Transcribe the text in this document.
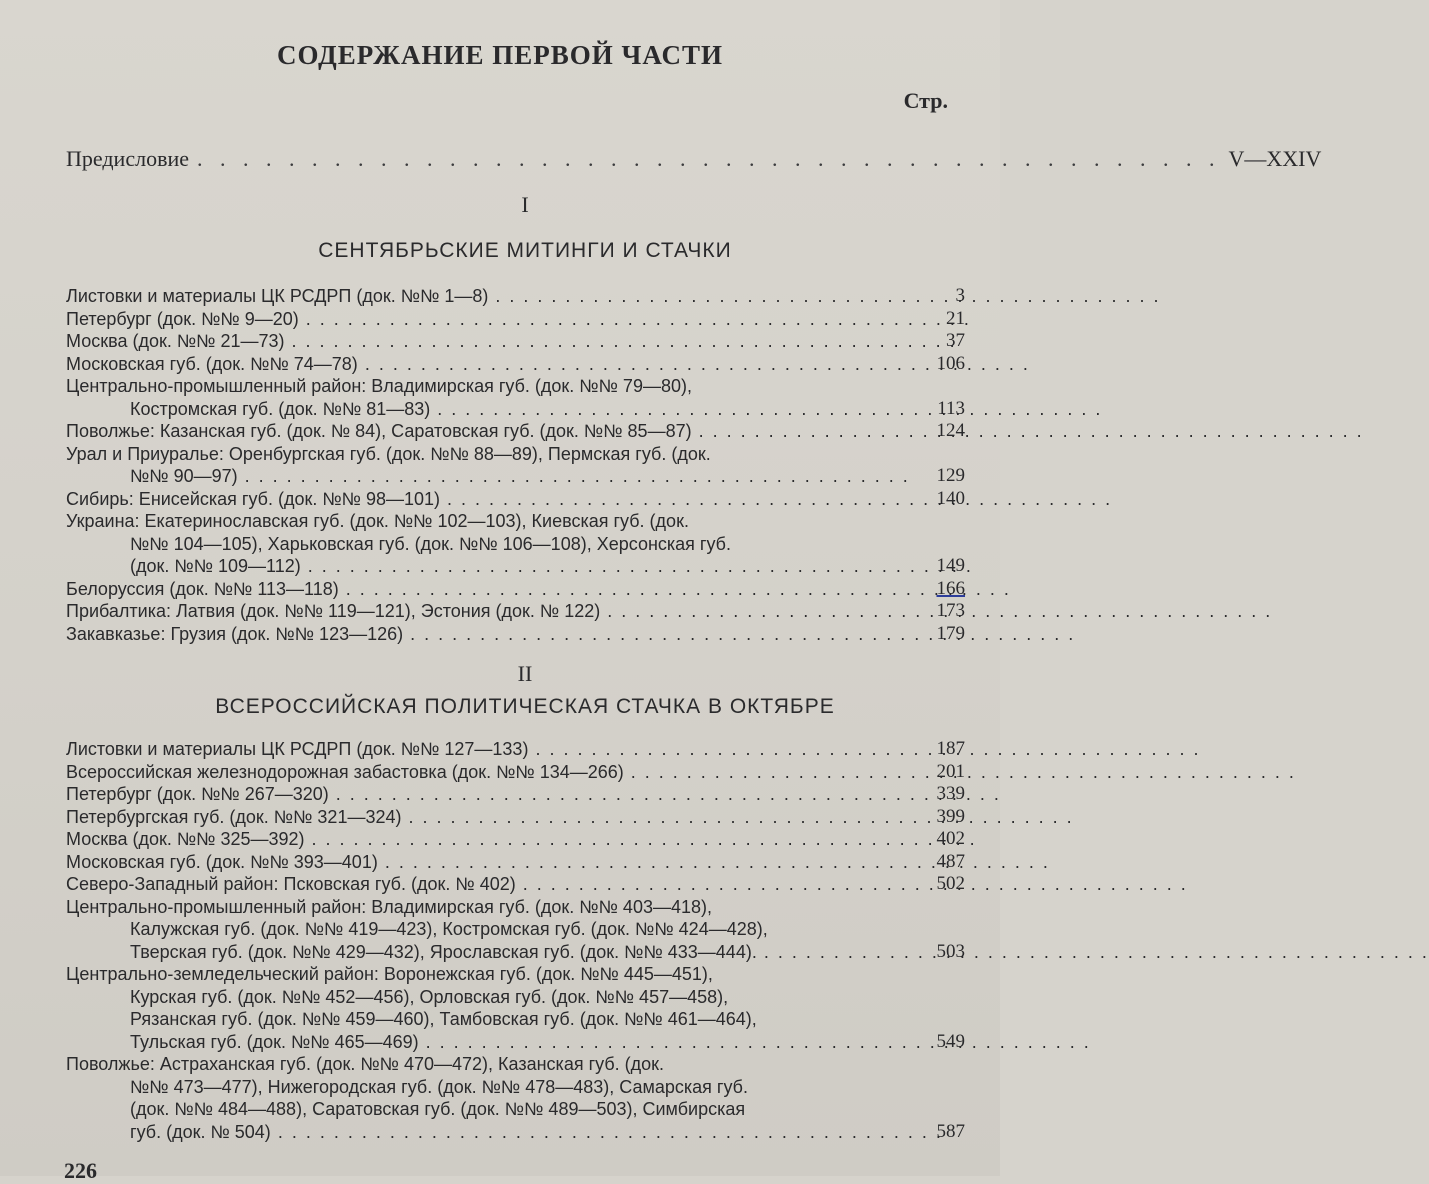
СОДЕРЖАНИЕ ПЕРВОЙ ЧАСТИ
Стр.
Предисловие . . . . . . . . . . . . . . . . . . . . . . . . . . . . . . . . . . . . . . . . . . . . . V—XXIV
I
СЕНТЯБРЬСКИЕ МИТИНГИ И СТАЧКИ
Листовки и материалы ЦК РСДРП (док. №№ 1—8) . .	3
Петербург (док. №№ 9—20) . .	21
Москва (док. №№ 21—73) . .	37
Московская губ. (док. №№ 74—78) . .	106
Центрально-промышленный район: Владимирская губ. (док. №№ 79—80),
Костромская губ. (док. №№ 81—83) . .	113
Поволжье: Казанская губ. (док. № 84), Саратовская губ. (док. №№ 85—87) . .	124
Урал и Приуралье: Оренбургская губ. (док. №№ 88—89), Пермская губ. (док.
№№ 90—97) . .	129
Сибирь: Енисейская губ. (док. №№ 98—101) . .	140
Украина: Екатеринославская губ. (док. №№ 102—103), Киевская губ. (док.
№№ 104—105), Харьковская губ. (док. №№ 106—108), Херсонская губ.
(док. №№ 109—112) . .	149
Белоруссия (док. №№ 113—118) . .	166
Прибалтика: Латвия (док. №№ 119—121), Эстония (док. № 122) . .	173
Закавказье: Грузия (док. №№ 123—126) . .	179
II
ВСЕРОССИЙСКАЯ ПОЛИТИЧЕСКАЯ СТАЧКА В ОКТЯБРЕ
Листовки и материалы ЦК РСДРП (док. №№ 127—133) . .	187
Всероссийская железнодорожная забастовка (док. №№ 134—266) . .	201
Петербург (док. №№ 267—320) . .	339
Петербургская губ. (док. №№ 321—324) . .	399
Москва (док. №№ 325—392) . .	402
Московская губ. (док. №№ 393—401) . .	487
Северо-Западный район: Псковская губ. (док. № 402) . .	502
Центрально-промышленный район: Владимирская губ. (док. №№ 403—418),
Калужская губ. (док. №№ 419—423), Костромская губ. (док. №№ 424—428),
Тверская губ. (док. №№ 429—432), Ярославская губ. (док. №№ 433—444). . .	503
Центрально-земледельческий район: Воронежская губ. (док. №№ 445—451),
Курская губ. (док. №№ 452—456), Орловская губ. (док. №№ 457—458),
Рязанская губ. (док. №№ 459—460), Тамбовская губ. (док. №№ 461—464),
Тульская губ. (док. №№ 465—469) . .	549
Поволжье: Астраханская губ. (док. №№ 470—472), Казанская губ. (док.
№№ 473—477), Нижегородская губ. (док. №№ 478—483), Самарская губ.
(док. №№ 484—488), Саратовская губ. (док. №№ 489—503), Симбирская
губ. (док. № 504) . .	587
226
